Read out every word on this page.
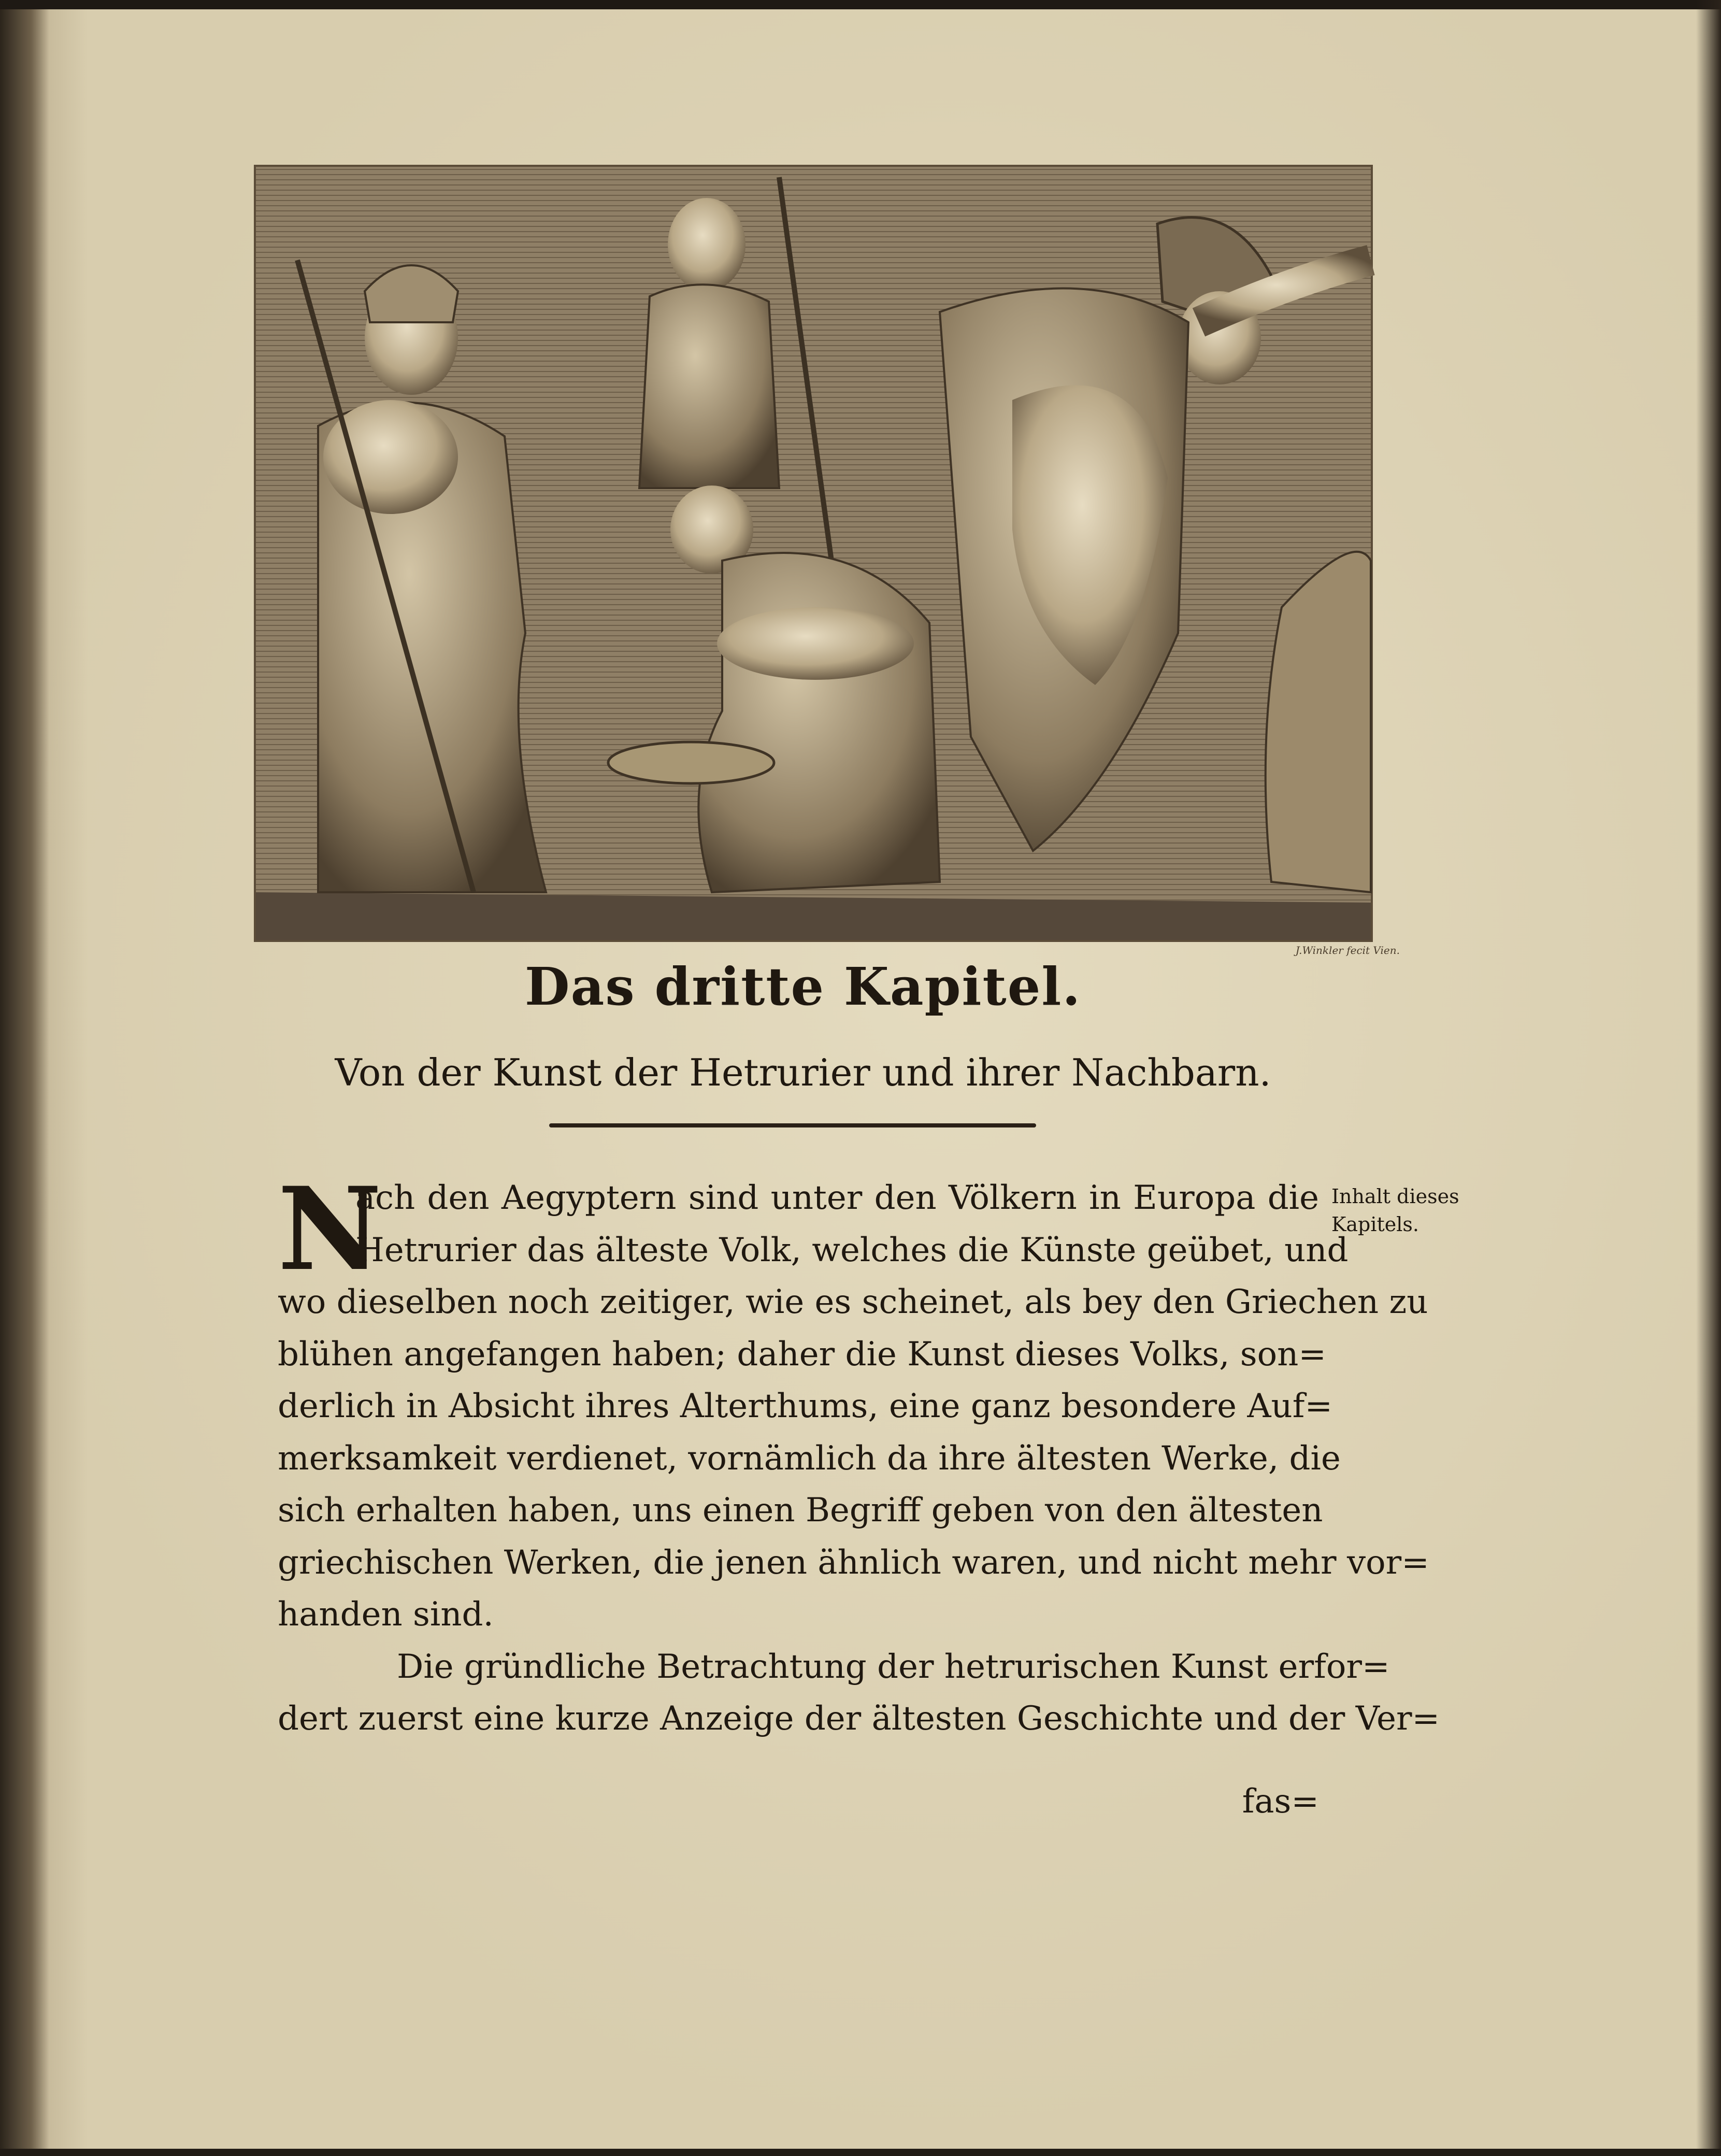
J.Winkler fecit Vien.
Das dritte Kapitel.
Von der Kunst der Hetrurier und ihrer Nachbarn.
N
ach den Aegyptern sind unter den Völkern in Europa die
Hetrurier das älteste Volk, welches die Künste geübet, und
wo dieselben noch zeitiger, wie es scheinet, als bey den Griechen zu
blühen angefangen haben; daher die Kunst dieses Volks, son=
derlich in Absicht ihres Alterthums, eine ganz besondere Auf=
merksamkeit verdienet, vornämlich da ihre ältesten Werke, die
sich erhalten haben, uns einen Begriff geben von den ältesten
griechischen Werken, die jenen ähnlich waren, und nicht mehr vor=
handen sind.
Die gründliche Betrachtung der hetrurischen Kunst erfor=
dert zuerst eine kurze Anzeige der ältesten Geschichte und der Ver=
fas=
Inhalt dieses
Kapitels.
